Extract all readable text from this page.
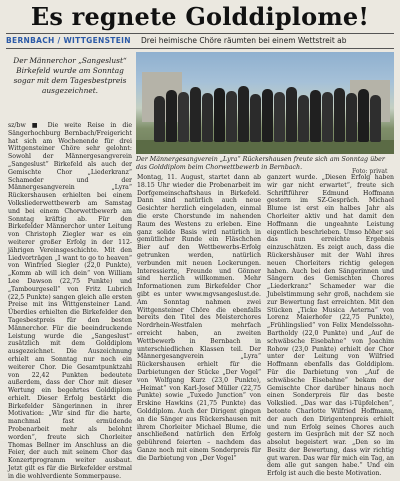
Es regnete Golddiplome!
BERNBACH / WITTGENSTEIN Drei heimische Chöre räumten bei einem Wettstreit ab
Der Männerchor „Sangeslust“ Birkefeld wurde am Sonntag sogar mit dem Tagesbestpreis ausgezeichnet.
Der Männergesangverein „Lyra“ Rückershausen freute sich am Sonntag über das Golddiplom beim Chorwettbewerb in Bernbach.

sz/bw ■ Die weite Reise in die Sängerhochburg Bernbach/Freigericht hat sich am Wochenende für drei Wittgensteiner Chöre sehr gelohnt: Sowohl der Männergesangverein „Sangeslust“ Birkefeld als auch der Gemischte Chor „Liederkranz“ Schameder und der Männergesangverein „Lyra“ Rückershausen erhielten bei einem Volksliederwettbewerb am Samstag und bei einem Chorwettbewerb am Sonntag kräftig ab. Für den Birkefelder Männerchor unter Leitung von Christoph Ziegler war es ein weiterer großer Erfolg in der 112-jährigen Vereinsgeschichte. Mit den Liedvorträgen „I want to go to heaven“ von Winfried Siegler (22,0 Punkte), „Komm ab will ich dein“ von William Lee Dawson (22,75 Punkte) und „Tambourgesell“ von Fritz Lubrich (22,5 Punkte) sangen gleich alle ersten Preise mit ins Wittgensteiner Land. Überdies erhielten die Birkefelder den Tagesbestpreis für den besten Männerchor. Für die beeindruckende Leistung wurde die „Sangeslust“ zusätzlich mit dem Golddiplom ausgezeichnet. Die Auszeichnung erhielt am Sonntag nur noch ein weiterer Chor. Die Gesamtpunktzahl von 22,42 Punkten bedeutete außerdem, dass der Chor mit dieser Wertung ein begehrtes Golddiplom erhielt. Dieser Erfolg bestärkt die Birkefelder Sängerinnen in ihrer Motivation: „Wir sind für die harte, manchmal fast ermüdende Probenarbeit mehr als belohnt worden“, freute sich Chorleiter Thomas Bellner im Anschluss an die Feier, der auch mit seinem Chor das Konzertprogramm weiter ausbaut. Jetzt gilt es für die Birkefelder erstmal in die wohlverdiente Sommerpause.

Montag, 11. August, startet dann ab 18.15 Uhr wieder die Probenarbeit im Dorfgemeinschaftshaus in Birkefeld. Dann sind natürlich auch neue Gesichter herzlich eingeladen, einmal die erste Chorstunde im nahenden Raum des Westens zu erleben. Eine ganz solide Basis wird natürlich in gemütlicher Runde ein Fläschchen Bier auf den Wettbewerbs-Erfolg getrunken werden, natürlich verbunden mit neuen Lockerungen. Interessierte, Freunde und Gönner sind herzlich willkommen. Mehr Informationen zum Birkefelder Chor gibt es unter www.mgvsangeslust.de. Am Sonntag nahmen zwei Wittgensteiner Chöre die ebenfalls bereits den Titel des Meisterchores Nordrhein-Westfalen mehrfach erreicht haben, an zweiten Wettbewerb in Bernbach in unterschiedlichen Klassen teil. Der Männergesangverein „Lyra“ Rückershausen erhielt für die Darbietungen der Stücke „Der Vogel“ von Wolfgang Kurz (23,0 Punkte), „Heimat“ von Karl-Josef Müller (22,75 Punkte) sowie „Tuxedo Junction“ von Erskine Hawkins (21,75 Punkte) das Golddiplom. Auch der Dirigent gingen an die Sänger aus Rückershausen mit ihrem Chorleiter Michael Blume, die anschließend natürlich den Erfolg gebührend feierten – nachdem das Ganze noch mit einem Sonderpreis für die Darbietung von „Der Vogel“

ganzert wurde. „Diesen Erfolg haben wir gar nicht erwartet“, freute sich Schriftführer Edmund Hoffmann gestern im SZ-Gespräch. Michael Blume ist erst ein halbes Jahr als Chorleiter aktiv und hat damit den Hoffmann die ungeahnte Leistung eigentlich beschrieben. Umso höher sei das nun erreichte Ergebnis einzuschätzen. Es zeigt auch, dass die Rückershäuser mit der Wahl ihres neuen Chorleiters richtig gelegen haben. Auch bei den Sängerinnen und Sängern des Gemischten Chores „Liederkranz“ Schameder war die Jubelstimmung sehr groß, nachdem sie zur Bewertung fast erreichten. Mit den Stücken „Ticke Musica Aeterna“ von Lorenz Maierhofer (22,75 Punkte), „Frühlingslied“ von Felix Mendelssohn-Bartholdy (22,0 Punkte) und „Auf de schwäbsche Eisebahne“ von Joachim Rohow (23,0 Punkte) erhielt der Chor unter der Leitung von Wilfried Hoffmann ebenfalls das Golddiplom. Für die Darbietung von „Auf de schwäbsche Eisebahne“ bekam der Gemischte Chor darüber hinaus noch einen Sonderpreis für das beste Volkslied. „Das war das i-Tüpfelchen“, betonte Charlotte Wilfried Hoffmann, der auch den Dirigentenpreis erhielt und nun Erfolg seines Chores auch gestern im Gespräch mit der SZ noch absolut begeistert war. „Den so im Besitz der Bewertung, dass wir richtig gut waren. Das war für mich ein Tag, an dem alle gut sangen habe.“ Und ein Erfolg ist auch die beste Motivation.

Foto: privat
